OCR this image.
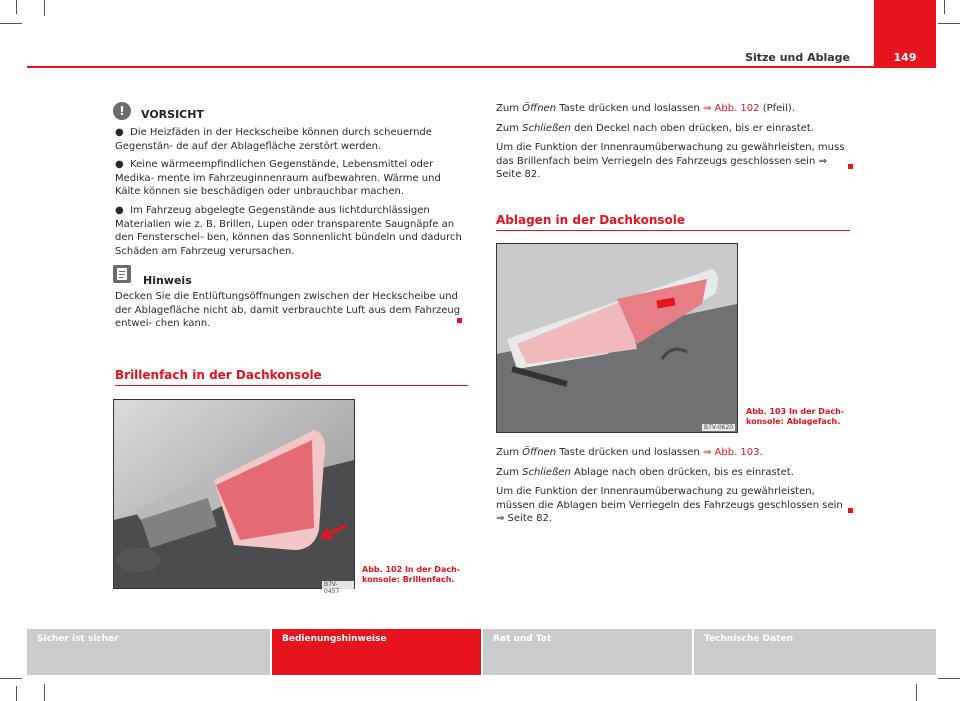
Sitze und Ablage	149
!	VORSICHT

●  Die Heizfäden in der Heckscheibe können durch scheuernde Gegenstän- de auf der Ablagefläche zerstört werden.

●  Keine wärmeempfindlichen Gegenstände, Lebensmittel oder Medika- mente im Fahrzeuginnenraum aufbewahren. Wärme und Kälte können sie beschädigen oder unbrauchbar machen.

●  Im Fahrzeug abgelegte Gegenstände aus lichtdurchlässigen Materialien wie z. B. Brillen, Lupen oder transparente Saugnäpfe an den Fensterschei- ben, können das Sonnenlicht bündeln und dadurch Schäden am Fahrzeug verursachen.

Hinweis
Decken Sie die Entlüftungsöffnungen zwischen der Heckscheibe und der Ablagefläche nicht ab, damit verbrauchte Luft aus dem Fahrzeug entwei- chen kann.
Brillenfach in der Dachkonsole
B7V-0457
Abb. 102 In der Dach-
konsole: Brillenfach.

Zum Öffnen Taste drücken und loslassen ⇒ Abb. 102 (Pfeil).

Zum Schließen den Deckel nach oben drücken, bis er einrastet.

Um die Funktion der Innenraumüberwachung zu gewährleisten, muss das Brillenfach beim Verriegeln des Fahrzeugs geschlossen sein ⇒ Seite 82.

Ablagen in der Dachkonsole
B7V-0620
Abb. 103 In der Dach-
konsole: Ablagefach.

Zum Öffnen Taste drücken und loslassen ⇒ Abb. 103.

Zum Schließen Ablage nach oben drücken, bis es einrastet.

Um die Funktion der Innenraumüberwachung zu gewährleisten, müssen die Ablagen beim Verriegeln des Fahrzeugs geschlossen sein ⇒ Seite 82.

Sicher ist sicher	Bedienungshinweise	Rat und Tat	Technische Daten
